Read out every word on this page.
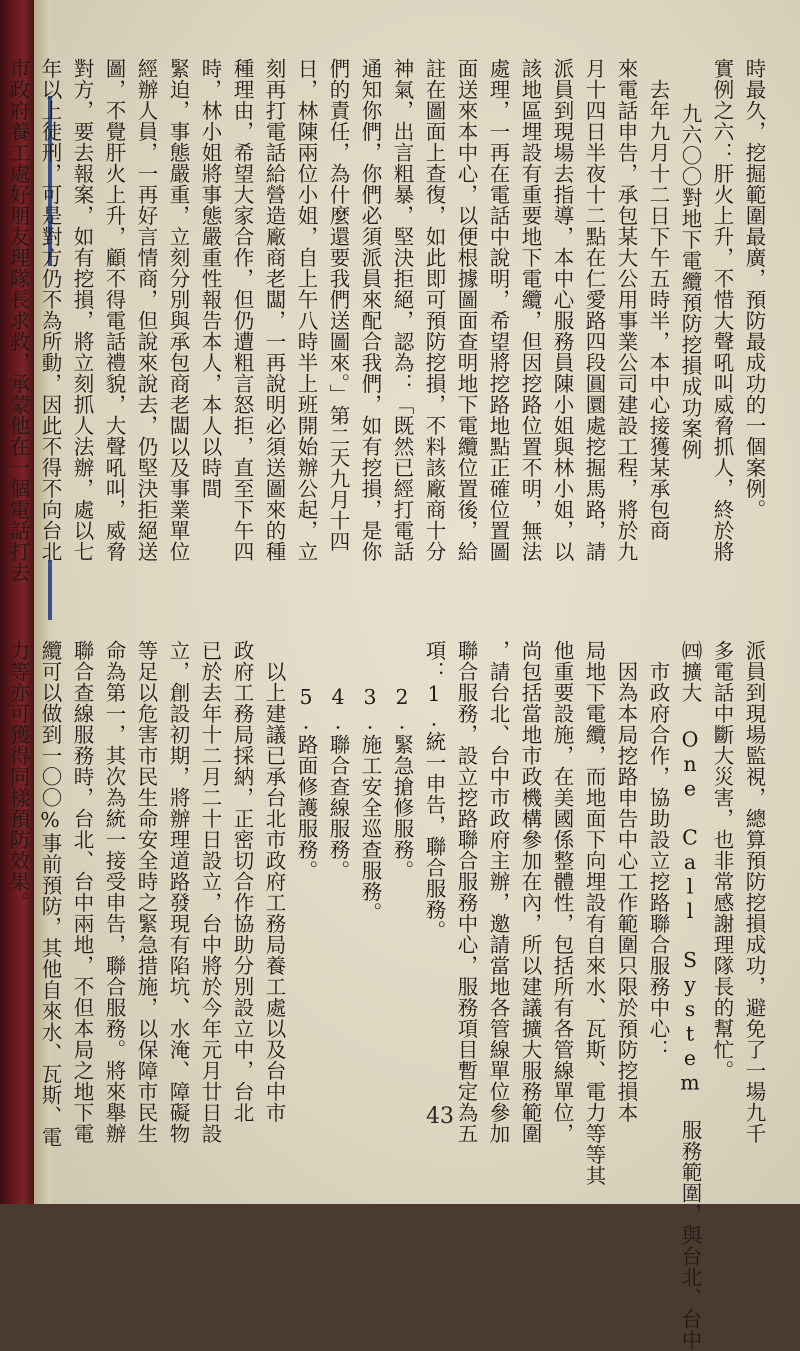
時最久，挖掘範圍最廣，預防最成功的一個案例。
實例之六：肝火上升，不惜大聲吼叫威脅抓人，終於將
九六〇〇對地下電纜預防挖損成功案例
去年九月十二日下午五時半，本中心接獲某承包商
來電話申告，承包某大公用事業公司建設工程，將於九
月十四日半夜十二點在仁愛路四段圓圜處挖掘馬路，請
派員到現場去指導，本中心服務員陳小姐與林小姐，以
該地區埋設有重要地下電纜，但因挖路位置不明，無法
處理，一再在電話中說明，希望將挖路地點正確位置圖
面送來本中心，以便根據圖面查明地下電纜位置後，給
註在圖面上查復，如此即可預防挖損，不料該廠商十分
神氣，出言粗暴，堅決拒絕，認為：「既然已經打電話
通知你們，你們必須派員來配合我們，如有挖損，是你
們的責任，為什麼還要我們送圖來。」第二天九月十四
日，林陳兩位小姐，自上午八時半上班開始辦公起，立
刻再打電話給營造廠商老闆，一再說明必須送圖來的種
種理由，希望大家合作，但仍遭粗言怒拒，直至下午四
時，林小姐將事態嚴重性報告本人，本人以時間
緊迫，事態嚴重，立刻分別與承包商老闆以及事業單位
經辦人員，一再好言情商，但說來說去，仍堅決拒絕送
圖，不覺肝火上升，顧不得電話禮貌，大聲吼叫，威脅
對方，要去報案，如有挖損，將立刻抓人法辦，處以七
年以上徒刑，可是對方仍不為所動，因此不得不向台北
市政府養工處好朋友理隊長求救，承蒙他在一個電話打去
派員到現場監視，總算預防挖損成功，避免了一場九千
多電話中斷大災害，也非常感謝理隊長的幫忙。
㈣擴大 One Call System 服務範圍，與台北、台中
市政府合作，協助設立挖路聯合服務中心：
因為本局挖路申告中心工作範圍只限於預防挖損本
局地下電纜，而地面下向埋設有自來水、瓦斯、電力等等其
他重要設施，在美國係整體性，包括所有各管線單位，
尚包括當地市政機構參加在內，所以建議擴大服務範圍
，請台北、台中市政府主辦，邀請當地各管線單位參加
聯合服務，設立挖路聯合服務中心，服務項目暫定為五
項：1.統一申告，聯合服務。
2.緊急搶修服務。
3.施工安全巡查服務。
4.聯合查線服務。
5.路面修護服務。
以上建議已承台北市政府工務局養工處以及台中市
政府工務局採納，正密切合作協助分別設立中，台北
已於去年十二月二十日設立，台中將於今年元月廿日設
立，創設初期，將辦理道路發現有陷坑、水淹、障礙物
等足以危害市民生命安全時之緊急措施，以保障市民生
命為第一，其次為統一接受申告，聯合服務。將來舉辦
聯合查線服務時，台北、台中兩地，不但本局之地下電
纜可以做到一〇〇%事前預防，其他自來水、瓦斯、電
力等亦可獲得同樣預防效果。
43
